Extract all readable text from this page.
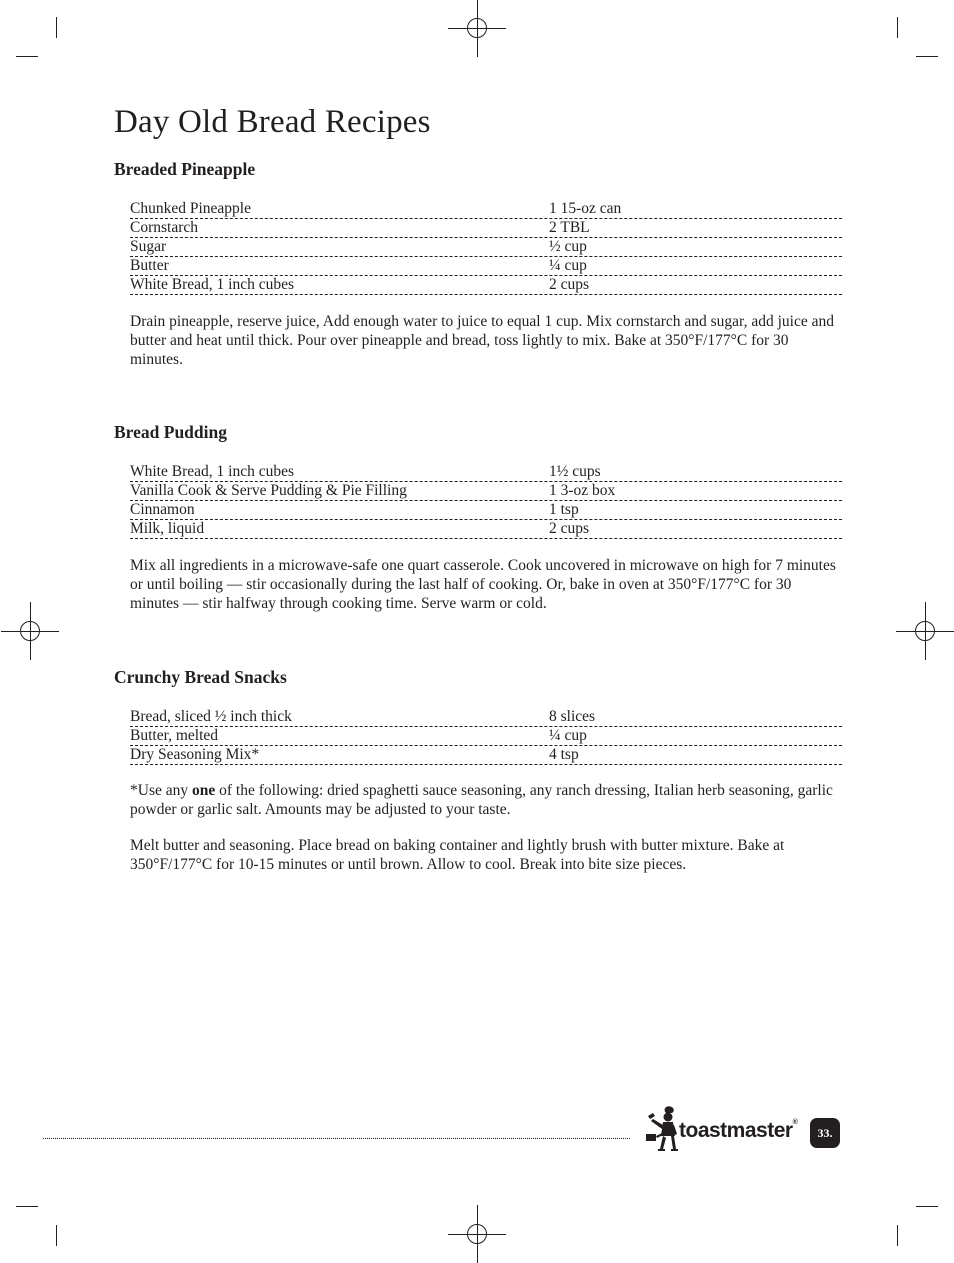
Day Old Bread Recipes
Breaded Pineapple
Chunked Pineapple	1 15-oz can
Cornstarch	2 TBL
Sugar	½ cup
Butter	¼ cup
White Bread, 1 inch cubes	2 cups

Drain pineapple, reserve juice, Add enough water to juice to equal 1 cup. Mix cornstarch and sugar, add juice and butter and heat until thick. Pour over pineapple and bread, toss lightly to mix. Bake at 350°F/177°C for 30 minutes.

Bread Pudding
White Bread, 1 inch cubes	1½ cups
Vanilla Cook & Serve Pudding & Pie Filling	1 3-oz box
Cinnamon	1 tsp
Milk, liquid	2 cups

Mix all ingredients in a microwave-safe one quart casserole. Cook uncovered in microwave on high for 7 minutes or until boiling — stir occasionally during the last half of cooking. Or, bake in oven at 350°F/177°C for 30 minutes — stir halfway through cooking time. Serve warm or cold.

Crunchy Bread Snacks
Bread, sliced ½ inch thick	8 slices
Butter, melted	¼ cup
Dry Seasoning Mix*	4 tsp

*Use any one of the following: dried spaghetti sauce seasoning, any ranch dressing, Italian herb seasoning, garlic powder or garlic salt. Amounts may be adjusted to your taste.

Melt butter and seasoning. Place bread on baking container and lightly brush with butter mixture. Bake at 350°F/177°C for 10-15 minutes or until brown. Allow to cool. Break into bite size pieces.

toastmaster®
33.
